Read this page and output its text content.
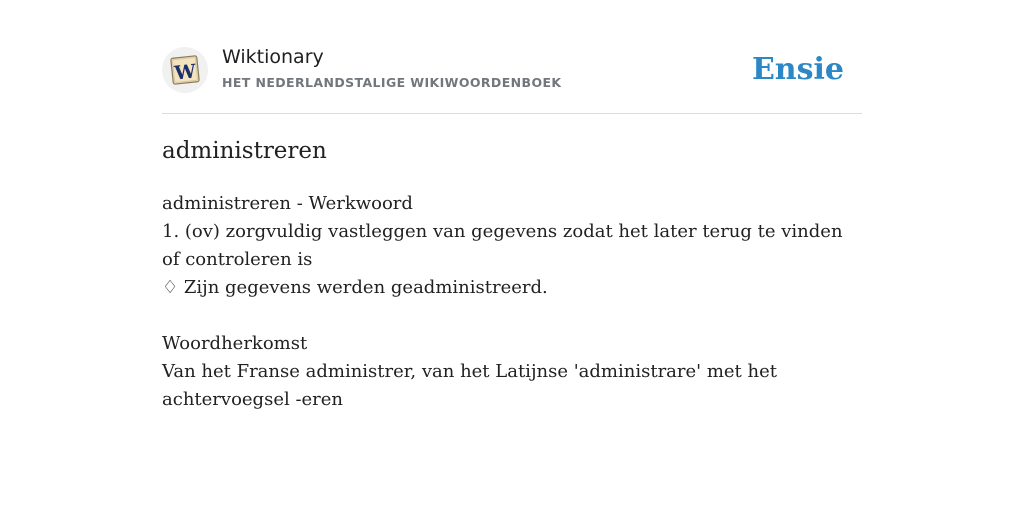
W
Wiktionary
HET NEDERLANDSTALIGE WIKIWOORDENBOEK	Ensie
administreren

administreren - Werkwoord

1. (ov) zorgvuldig vastleggen van gegevens zodat het later terug te vinden of controleren is

♢ Zijn gegevens werden geadministreerd.

Woordherkomst

Van het Franse administrer, van het Latijnse 'administrare' met het achtervoegsel -eren
